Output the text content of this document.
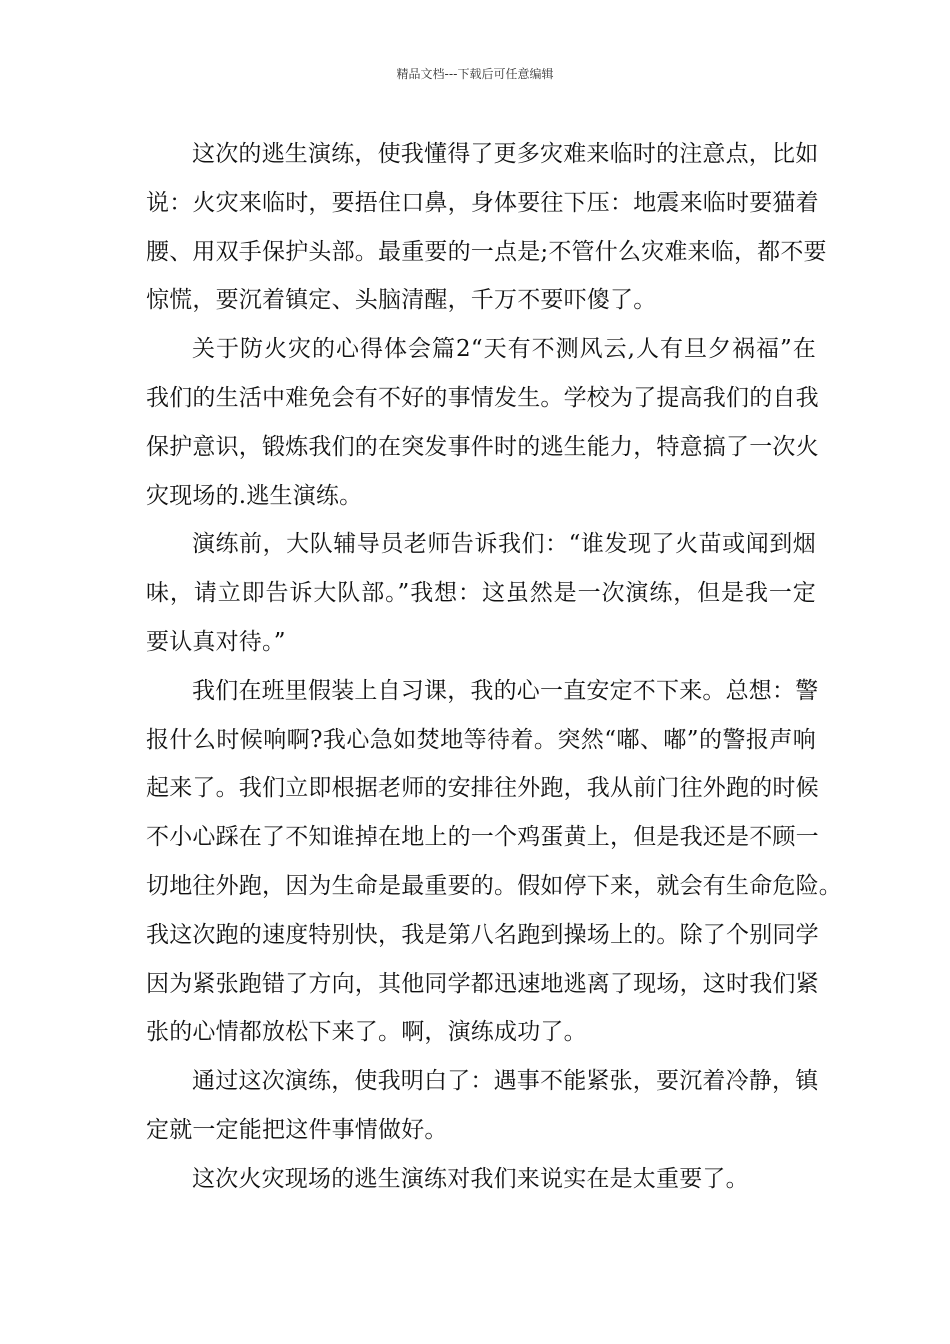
精品文档---下载后可任意编辑
这次的逃生演练，使我懂得了更多灾难来临时的注意点，比如
说：火灾来临时，要捂住口鼻，身体要往下压：地震来临时要猫着
腰、用双手保护头部。最重要的一点是;不管什么灾难来临，都不要
惊慌，要沉着镇定、头脑清醒，千万不要吓傻了。
关于防火灾的心得体会篇2“天有不测风云,人有旦夕祸福”在
我们的生活中难免会有不好的事情发生。学校为了提高我们的自我
保护意识，锻炼我们的在突发事件时的逃生能力，特意搞了一次火
灾现场的.逃生演练。
演练前，大队辅导员老师告诉我们：“谁发现了火苗或闻到烟
味，请立即告诉大队部。”我想：这虽然是一次演练，但是我一定
要认真对待。”
我们在班里假装上自习课，我的心一直安定不下来。总想：警
报什么时候响啊?我心急如焚地等待着。突然“嘟、嘟”的警报声响
起来了。我们立即根据老师的安排往外跑，我从前门往外跑的时候
不小心踩在了不知谁掉在地上的一个鸡蛋黄上，但是我还是不顾一
切地往外跑，因为生命是最重要的。假如停下来，就会有生命危险。
我这次跑的速度特别快，我是第八名跑到操场上的。除了个别同学
因为紧张跑错了方向，其他同学都迅速地逃离了现场，这时我们紧
张的心情都放松下来了。啊，演练成功了。
通过这次演练，使我明白了：遇事不能紧张，要沉着冷静，镇
定就一定能把这件事情做好。
这次火灾现场的逃生演练对我们来说实在是太重要了。
